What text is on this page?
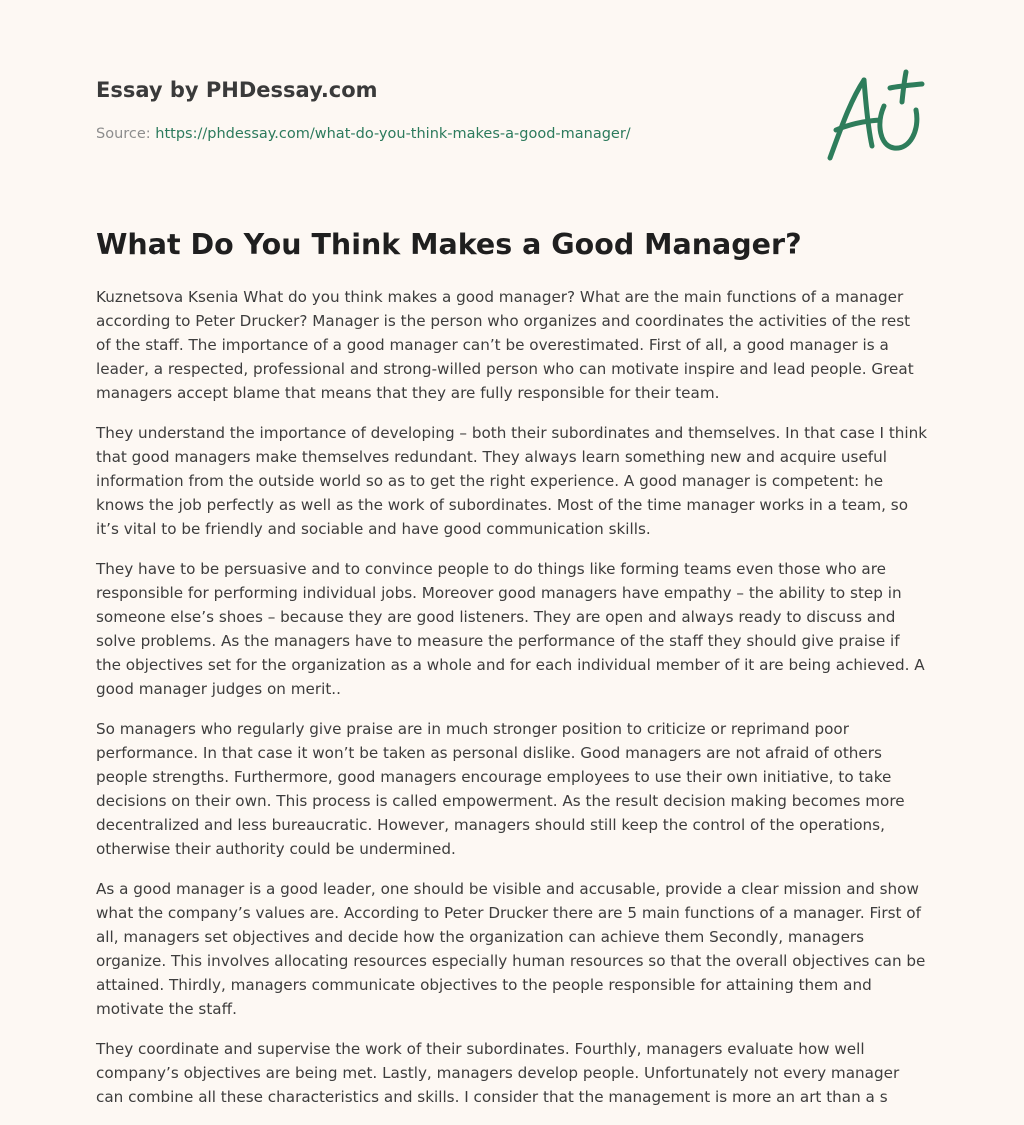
Essay by PHDessay.com
Source: https://phdessay.com/what-do-you-think-makes-a-good-manager/
What Do You Think Makes a Good Manager?

Kuznetsova Ksenia What do you think makes a good manager? What are the main functions of a manager according to Peter Drucker? Manager is the person who organizes and coordinates the activities of the rest of the staff. The importance of a good manager can’t be overestimated. First of all, a good manager is a leader, a respected, professional and strong-willed person who can motivate inspire and lead people. Great managers accept blame that means that they are fully responsible for their team.

They understand the importance of developing – both their subordinates and themselves. In that case I think that good managers make themselves redundant. They always learn something new and acquire useful information from the outside world so as to get the right experience. A good manager is competent: he knows the job perfectly as well as the work of subordinates. Most of the time manager works in a team, so it’s vital to be friendly and sociable and have good communication skills.

They have to be persuasive and to convince people to do things like forming teams even those who are responsible for performing individual jobs. Moreover good managers have empathy – the ability to step in someone else’s shoes – because they are good listeners. They are open and always ready to discuss and solve problems. As the managers have to measure the performance of the staff they should give praise if the objectives set for the organization as a whole and for each individual member of it are being achieved. A good manager judges on merit..

So managers who regularly give praise are in much stronger position to criticize or reprimand poor performance. In that case it won’t be taken as personal dislike. Good managers are not afraid of others people strengths. Furthermore, good managers encourage employees to use their own initiative, to take decisions on their own. This process is called empowerment. As the result decision making becomes more decentralized and less bureaucratic. However, managers should still keep the control of the operations, otherwise their authority could be undermined.

As a good manager is a good leader, one should be visible and accusable, provide a clear mission and show what the company’s values are. According to Peter Drucker there are 5 main functions of a manager. First of all, managers set objectives and decide how the organization can achieve them Secondly, managers organize. This involves allocating resources especially human resources so that the overall objectives can be attained. Thirdly, managers communicate objectives to the people responsible for attaining them and motivate the staff.

They coordinate and supervise the work of their subordinates. Fourthly, managers evaluate how well company’s objectives are being met. Lastly, managers develop people. Unfortunately not every manager can combine all these characteristics and skills. I consider that the management is more an art than a s
